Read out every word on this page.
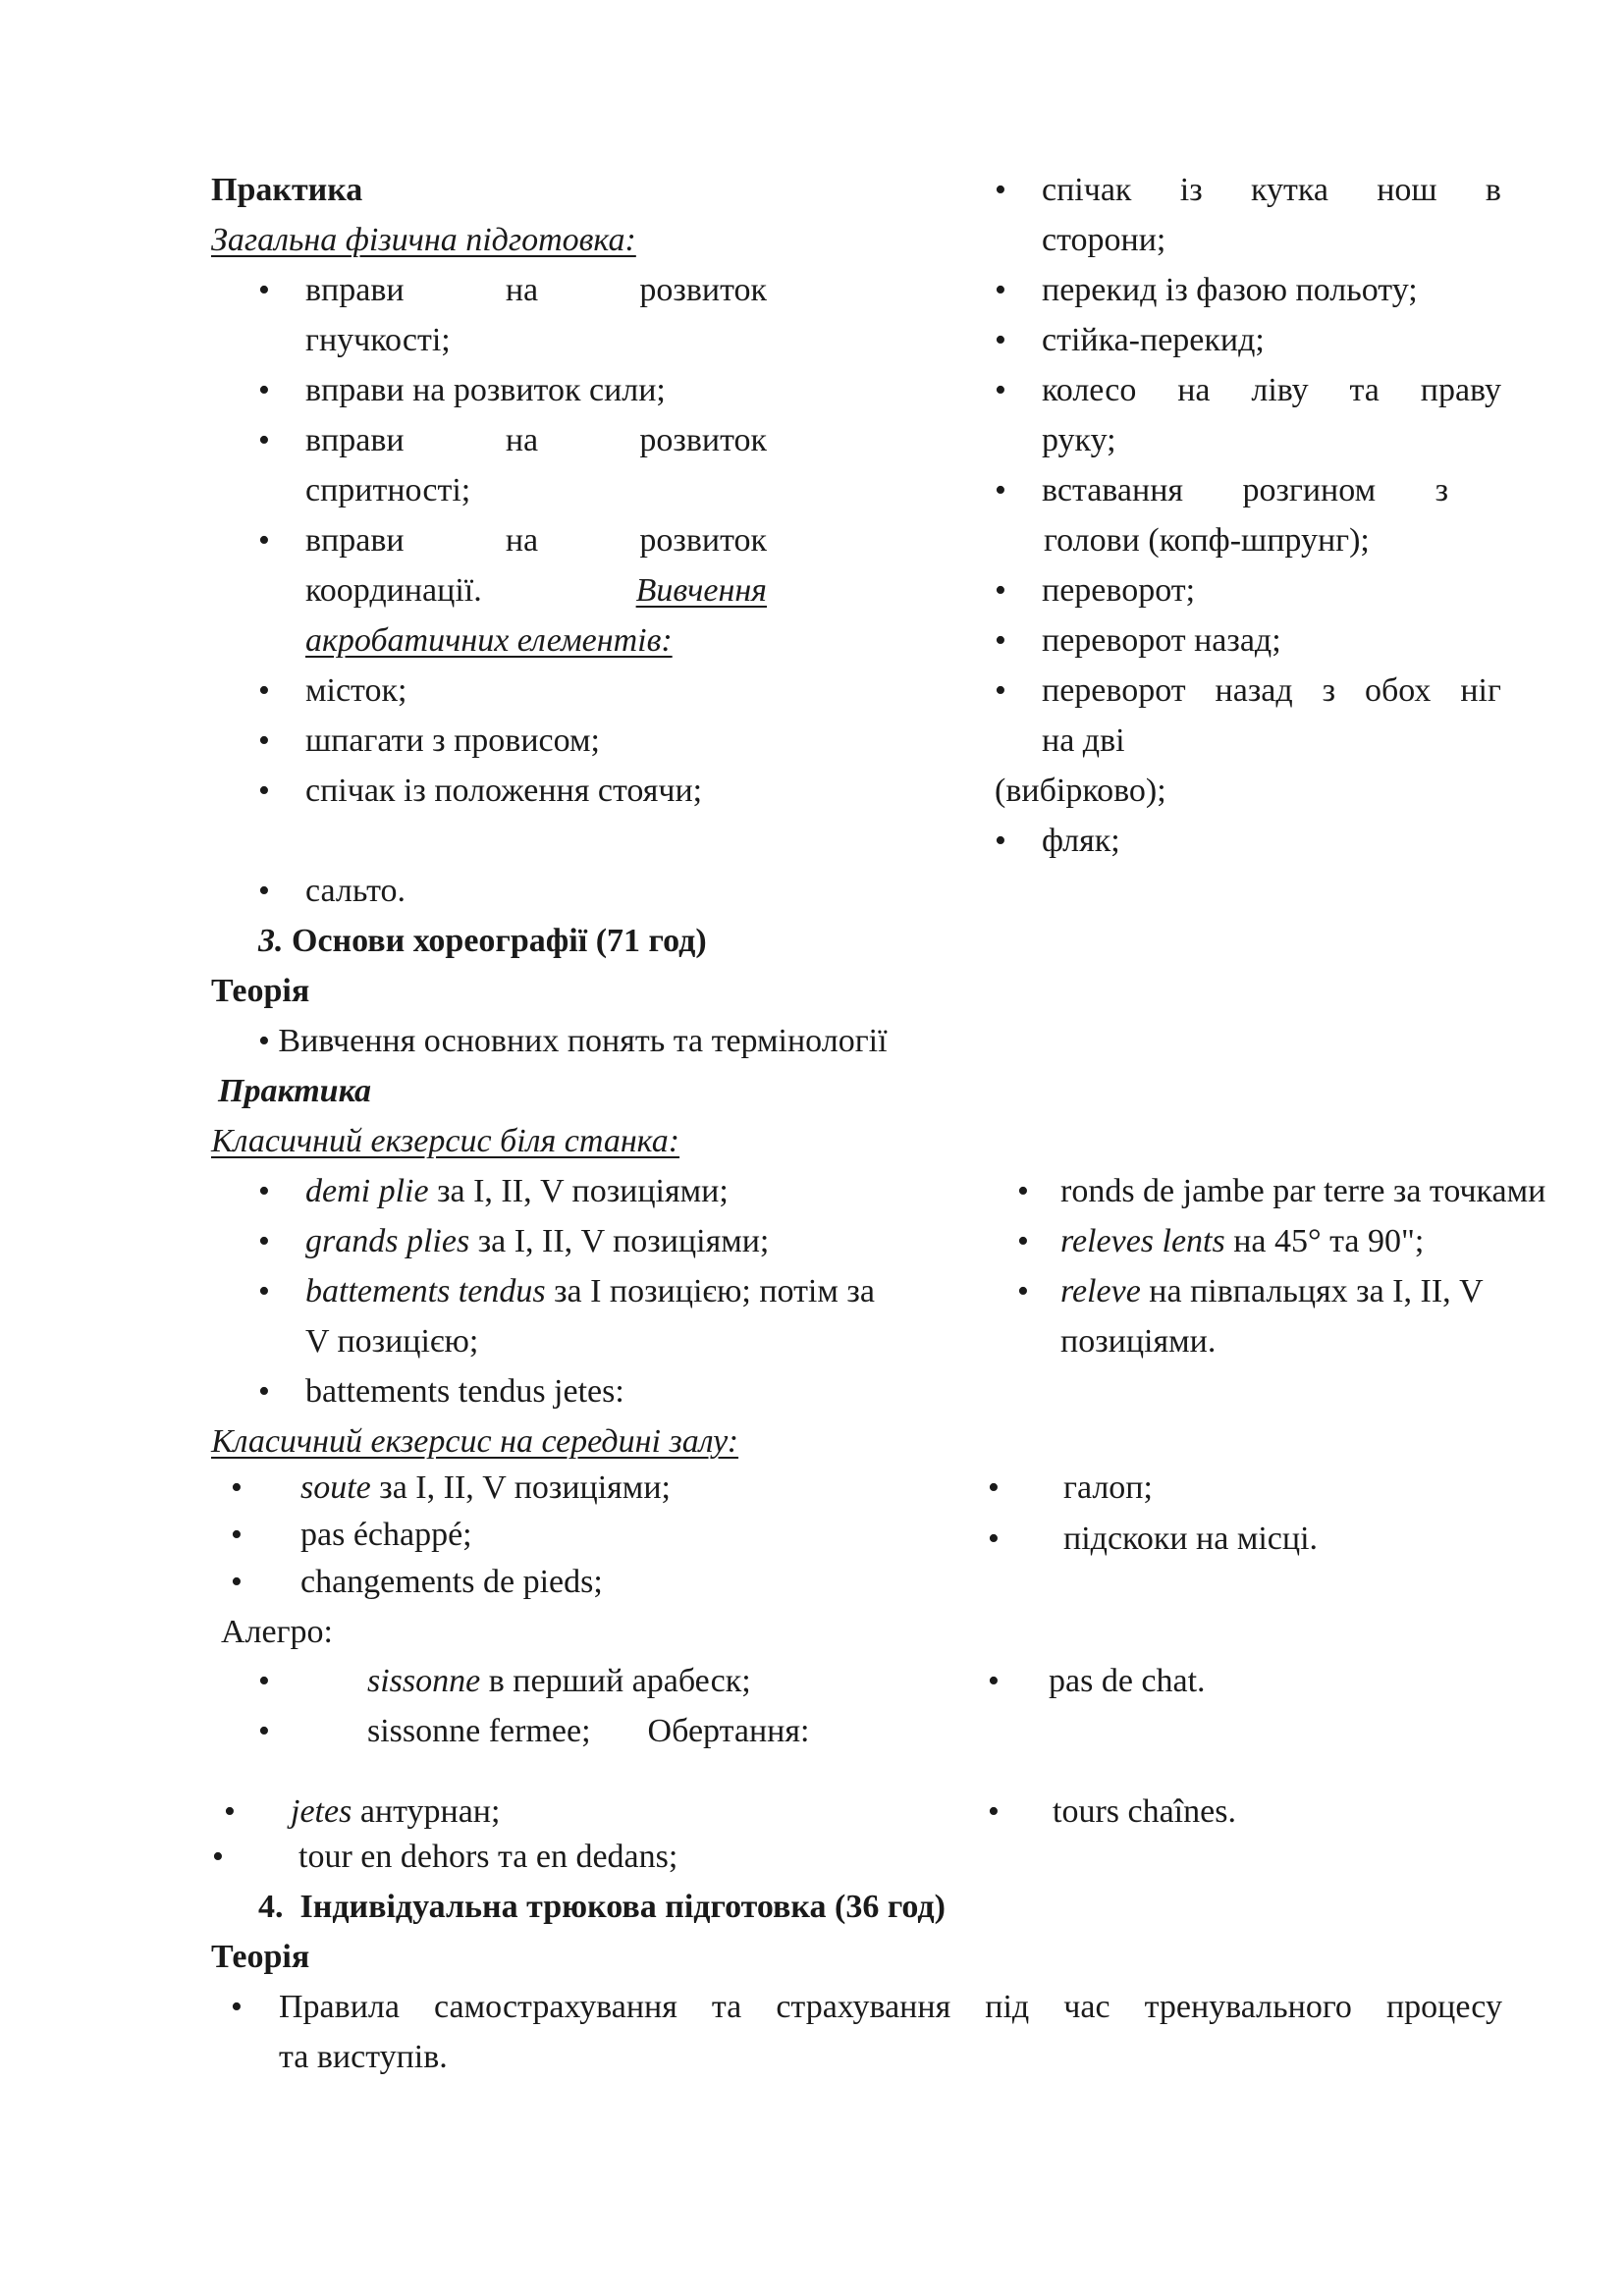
Практика
Загальна фізична підготовка:
• вправи	на	розвиток
гнучкості;
• вправи на розвиток сили;
• вправи	на	розвиток
спритності;
• вправи	на	розвиток
координації.	Вивчення
акробатичних елементів:
• місток;
• шпагати з провисом;
• спічак із положення стоячи;
• сальто.
• спічак із кутка нош в
сторони;
• перекид із фазою польоту;
• стійка-перекид;
• колесо на ліву та праву
руку;
• вставання розгином з
голови (копф-шпрунг);
• переворот;
• переворот назад;
• переворот назад з обох ніг
на дві
(вибірково);
• фляк;
3. Основи хореографії (71 год)
Теорія
• Вивчення основних понять та термінології
Практика
Класичний екзерсис біля станка:
• demi plie за І, ІІ, V позиціями;
• grands plies за І, ІІ, V позиціями;
• battements tendus за І позицією; потім за
V позицією;
• battements tendus jetes:
• ronds de jambe par terre за точками
• releves lents на 45° та 90";
• releve на півпальцях за І, ІІ, V
позиціями.
Класичний екзерсис на середині залу:
• soute за І, ІІ, V позиціями;
• pas échappé;
• changements de pieds;
• галоп;
• підскоки на місці.
Алегро:
•	sissonne в перший арабеск;
•	sissonne fermee; Обертання:
• pas de chat.
• jetes антурнан;
• tour en dehors та en dedans;
• tours chaînes.
4. Індивідуальна трюкова підготовка (36 год)
Теорія
• Правила самострахування та страхування під час тренувального процесу
та виступів.
